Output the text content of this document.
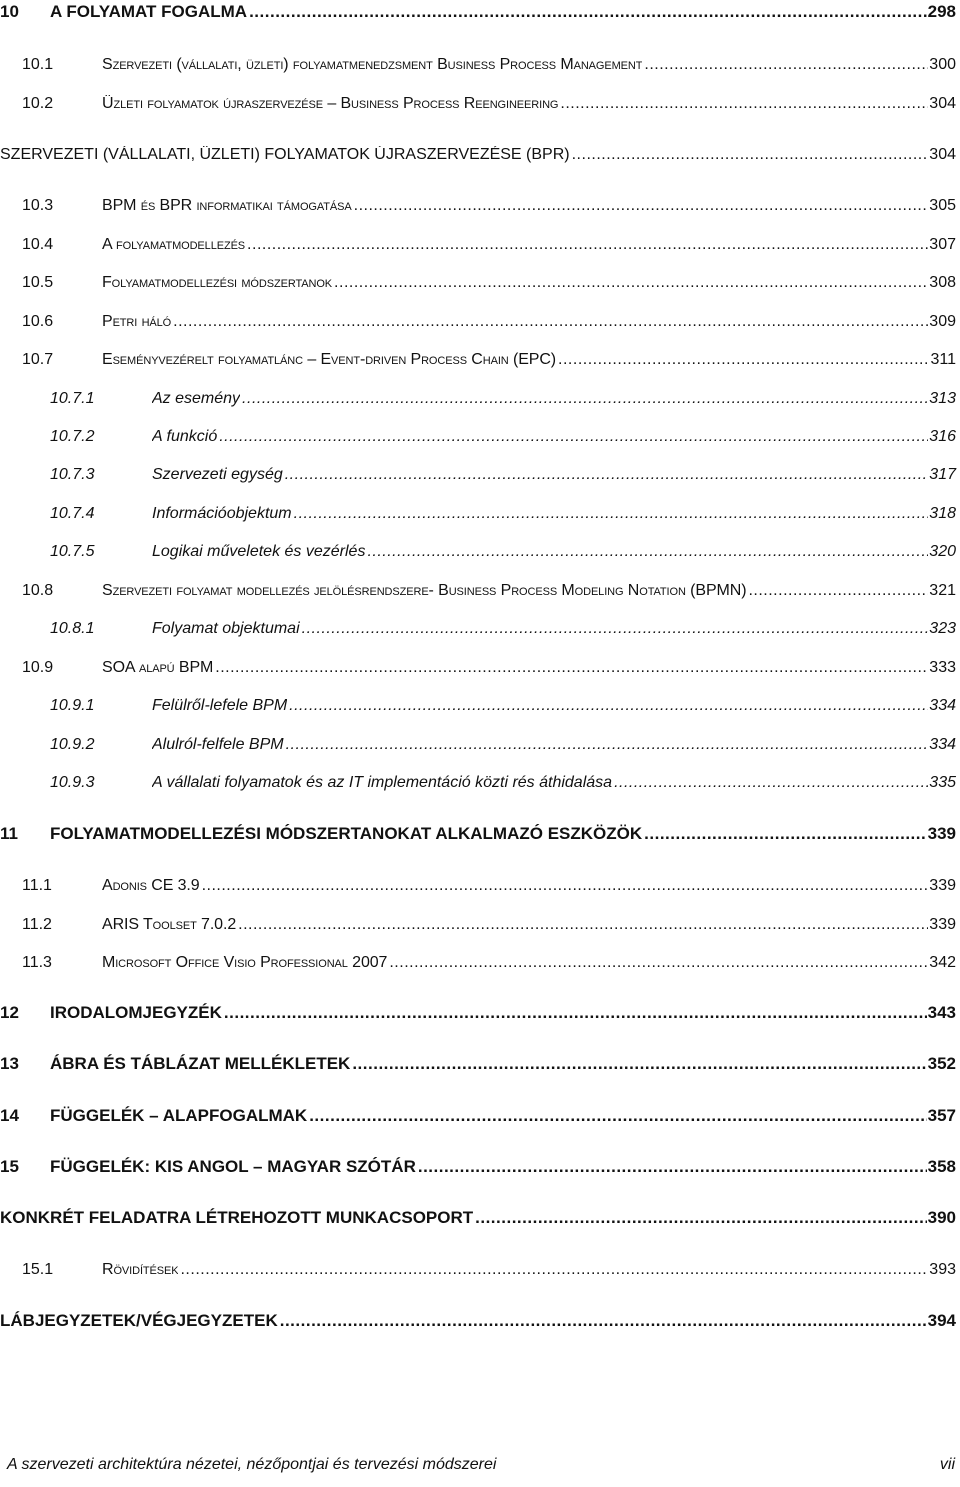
10	A FOLYAMAT FOGALMA .....	298
10.1	Szervezeti (vállalati, üzleti) folyamatmenedzsment Business Process Management .....	300
10.2	Üzleti folyamatok újraszervezése – Business Process Reengineering .....	304
SZERVEZETI (VÁLLALATI, ÜZLETI) FOLYAMATOK ÚJRASZERVEZÉSE (BPR) .....	304
10.3	BPM és BPR informatikai támogatása .....	305
10.4	A folyamatmodellezés .....	307
10.5	Folyamatmodellezési módszertanok .....	308
10.6	Petri háló .....	309
10.7	Eseményvezérelt folyamatlánc – Event-driven Process Chain (EPC) .....	311
10.7.1	Az esemény .....	313
10.7.2	A funkció .....	316
10.7.3	Szervezeti egység .....	317
10.7.4	Információobjektum .....	318
10.7.5	Logikai műveletek és vezérlés .....	320
10.8	Szervezeti folyamat modellezés jelölésrendszere- Business Process Modeling Notation (BPMN) .....	321
10.8.1	Folyamat objektumai .....	323
10.9	SOA alapú BPM .....	333
10.9.1	Felülről-lefele BPM .....	334
10.9.2	Alulról-felfele BPM .....	334
10.9.3	A vállalati folyamatok és az IT implementáció közti rés áthidalása .....	335
11	FOLYAMATMODELLEZÉSI MÓDSZERTANOKAT ALKALMAZÓ ESZKÖZÖK .....	339
11.1	Adonis CE 3.9 .....	339
11.2	ARIS Toolset 7.0.2 .....	339
11.3	Microsoft Office Visio Professional 2007 .....	342
12	IRODALOMJEGYZÉK .....	343
13	ÁBRA ÉS TÁBLÁZAT MELLÉKLETEK .....	352
14	FÜGGELÉK – ALAPFOGALMAK .....	357
15	FÜGGELÉK: KIS ANGOL – MAGYAR SZÓTÁR .....	358
KONKRÉT FELADATRA LÉTREHOZOTT MUNKACSOPORT .....	390
15.1	Rövidítések .....	393
LÁBJEGYZETEK/VÉGJEGYZETEK .....	394
A szervezeti architektúra nézetei, nézőpontjai és tervezési módszerei	vii
